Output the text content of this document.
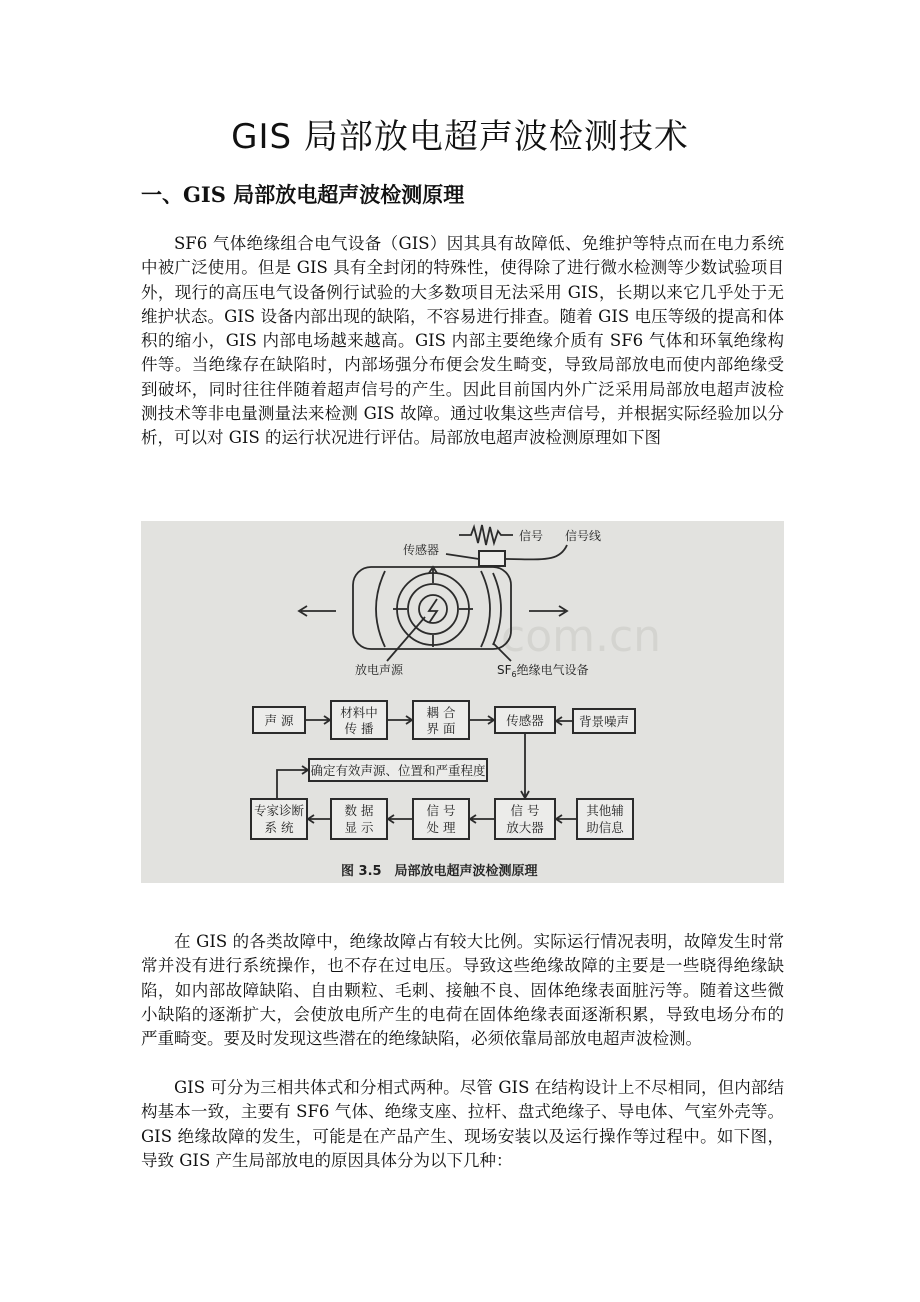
GIS 局部放电超声波检测技术
一、GIS 局部放电超声波检测原理

SF6 气体绝缘组合电气设备（GIS）因其具有故障低、免维护等特点而在电力系统中被广泛使用。但是 GIS 具有全封闭的特殊性，使得除了进行微水检测等少数试验项目外，现行的高压电气设备例行试验的大多数项目无法采用 GIS，长期以来它几乎处于无维护状态。GIS 设备内部出现的缺陷，不容易进行排查。随着 GIS 电压等级的提高和体积的缩小，GIS 内部电场越来越高。GIS 内部主要绝缘介质有 SF6 气体和环氧绝缘构件等。当绝缘存在缺陷时，内部场强分布便会发生畸变，导致局部放电而使内部绝缘受到破坏，同时往往伴随着超声信号的产生。因此目前国内外广泛采用局部放电超声波检测技术等非电量测量法来检测 GIS 故障。通过收集这些声信号，并根据实际经验加以分析，可以对 GIS 的运行状况进行评估。局部放电超声波检测原理如下图

com.cn
信号 信号线
传感器
放电声源	$SF_6$绝缘电气设备
声 源
材料中
传 播
耦 合
界 面
传感器	背景噪声
确定有效声源、位置和严重程度
专家诊断
系 统
数 据
显 示
信 号
处 理
信 号
放大器
其他辅
助信息
图 3.5　局部放电超声波检测原理

在 GIS 的各类故障中，绝缘故障占有较大比例。实际运行情况表明，故障发生时常常并没有进行系统操作，也不存在过电压。导致这些绝缘故障的主要是一些晓得绝缘缺陷，如内部故障缺陷、自由颗粒、毛刺、接触不良、固体绝缘表面脏污等。随着这些微小缺陷的逐渐扩大，会使放电所产生的电荷在固体绝缘表面逐渐积累，导致电场分布的严重畸变。要及时发现这些潜在的绝缘缺陷，必须依靠局部放电超声波检测。

GIS 可分为三相共体式和分相式两种。尽管 GIS 在结构设计上不尽相同，但内部结构基本一致，主要有 SF6 气体、绝缘支座、拉杆、盘式绝缘子、导电体、气室外壳等。GIS 绝缘故障的发生，可能是在产品产生、现场安装以及运行操作等过程中。如下图，导致 GIS 产生局部放电的原因具体分为以下几种：
